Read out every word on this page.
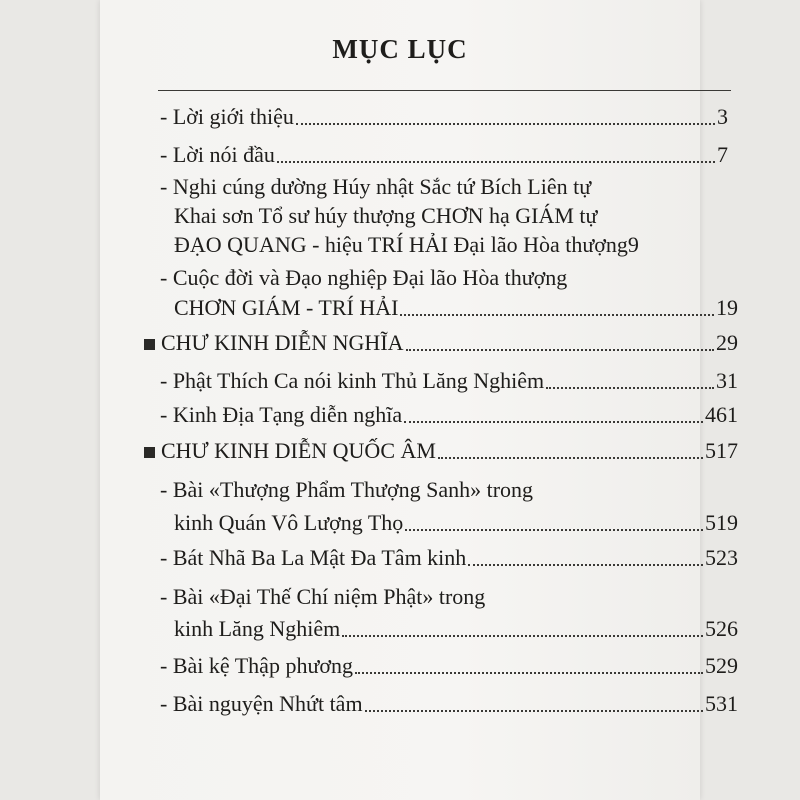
MỤC LỤC
- Lời giới thiệu	3
- Lời nói đầu	7
- Nghi cúng dường Húy nhật Sắc tứ Bích Liên tự
Khai sơn Tổ sư húy thượng CHƠN hạ GIÁM tự
ĐẠO QUANG - hiệu TRÍ HẢI Đại lão Hòa thượng 9
- Cuộc đời và Đạo nghiệp Đại lão Hòa thượng
CHƠN GIÁM - TRÍ HẢI	19
CHƯ KINH DIỄN NGHĨA	29
- Phật Thích Ca nói kinh Thủ Lăng Nghiêm	31
- Kinh Địa Tạng diễn nghĩa	461
CHƯ KINH DIỄN QUỐC ÂM	517
- Bài «Thượng Phẩm Thượng Sanh» trong
kinh Quán Vô Lượng Thọ	519
- Bát Nhã Ba La Mật Đa Tâm kinh	523
- Bài «Đại Thế Chí niệm Phật» trong
kinh Lăng Nghiêm	526
- Bài kệ Thập phương	529
- Bài nguyện Nhứt tâm	531
